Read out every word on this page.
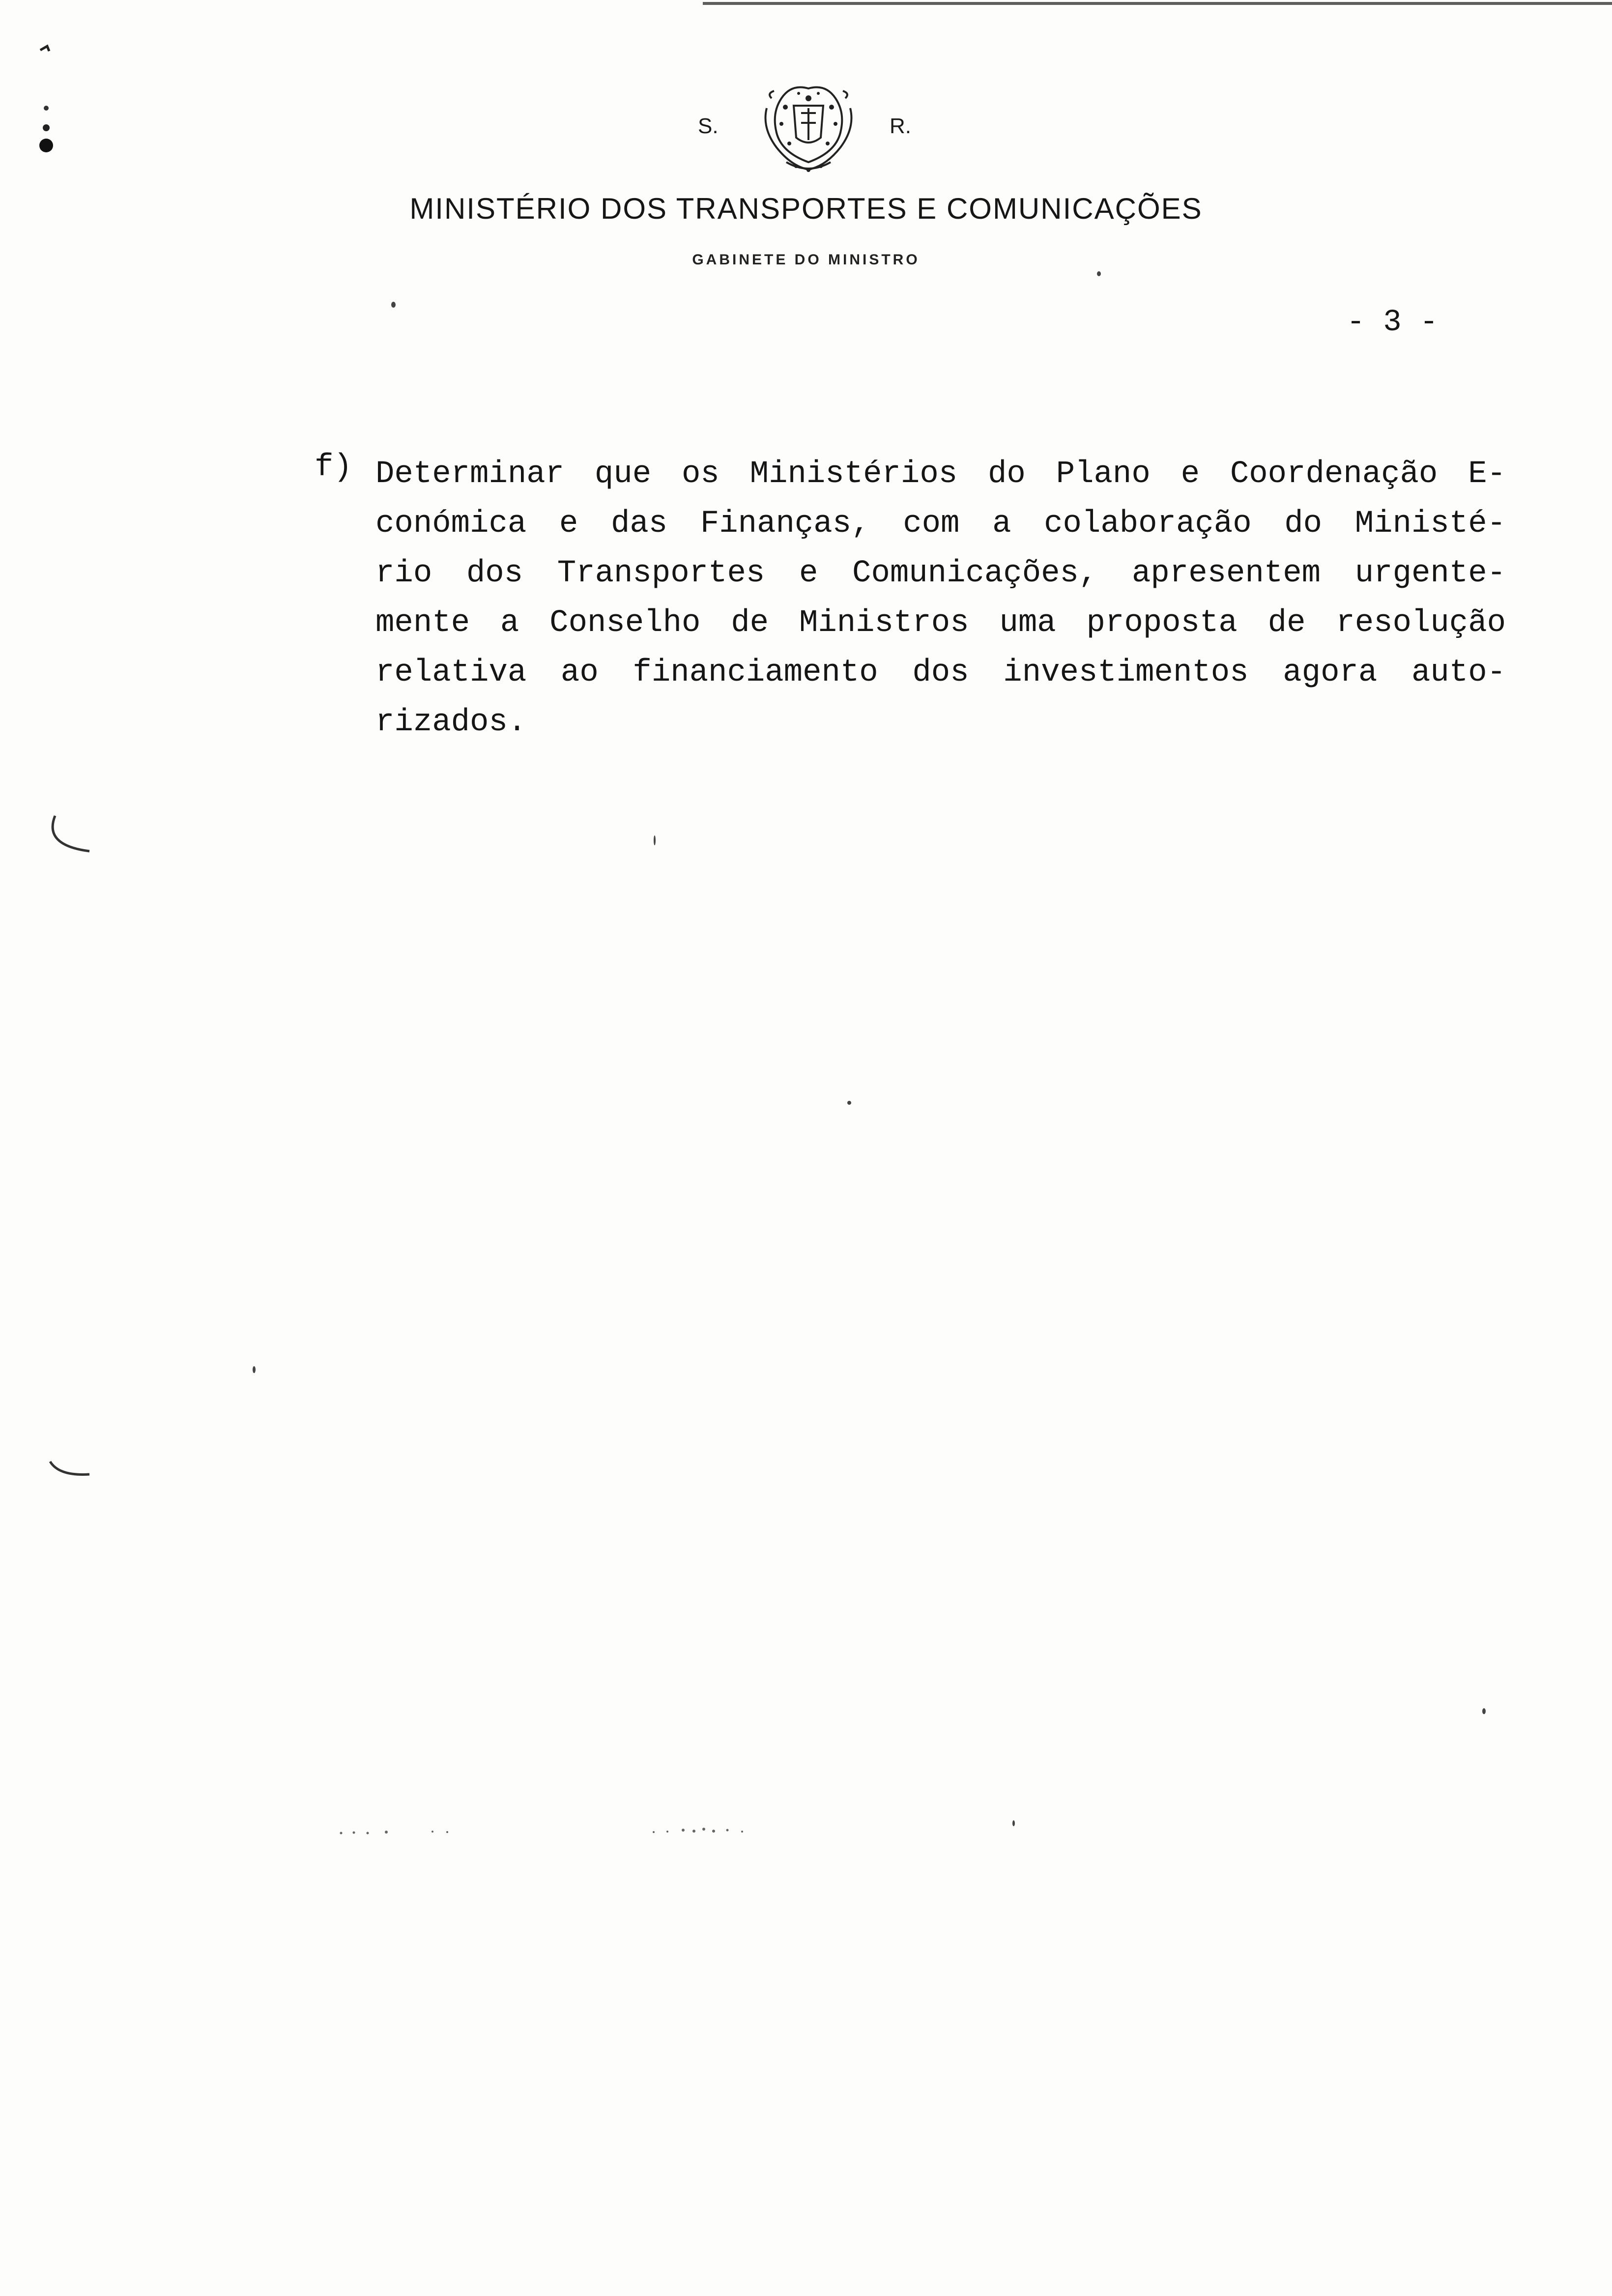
S.	R.
MINISTÉRIO DOS TRANSPORTES E COMUNICAÇÕES
GABINETE DO MINISTRO
- 3 -
f) Determinar que os Ministérios do Plano e Coordenação E-
conómica e das Finanças, com a colaboração do Ministé-
rio dos Transportes e Comunicações, apresentem urgente-
mente a Conselho de Ministros uma proposta de resolução
relativa ao financiamento dos investimentos agora auto-
rizados.
